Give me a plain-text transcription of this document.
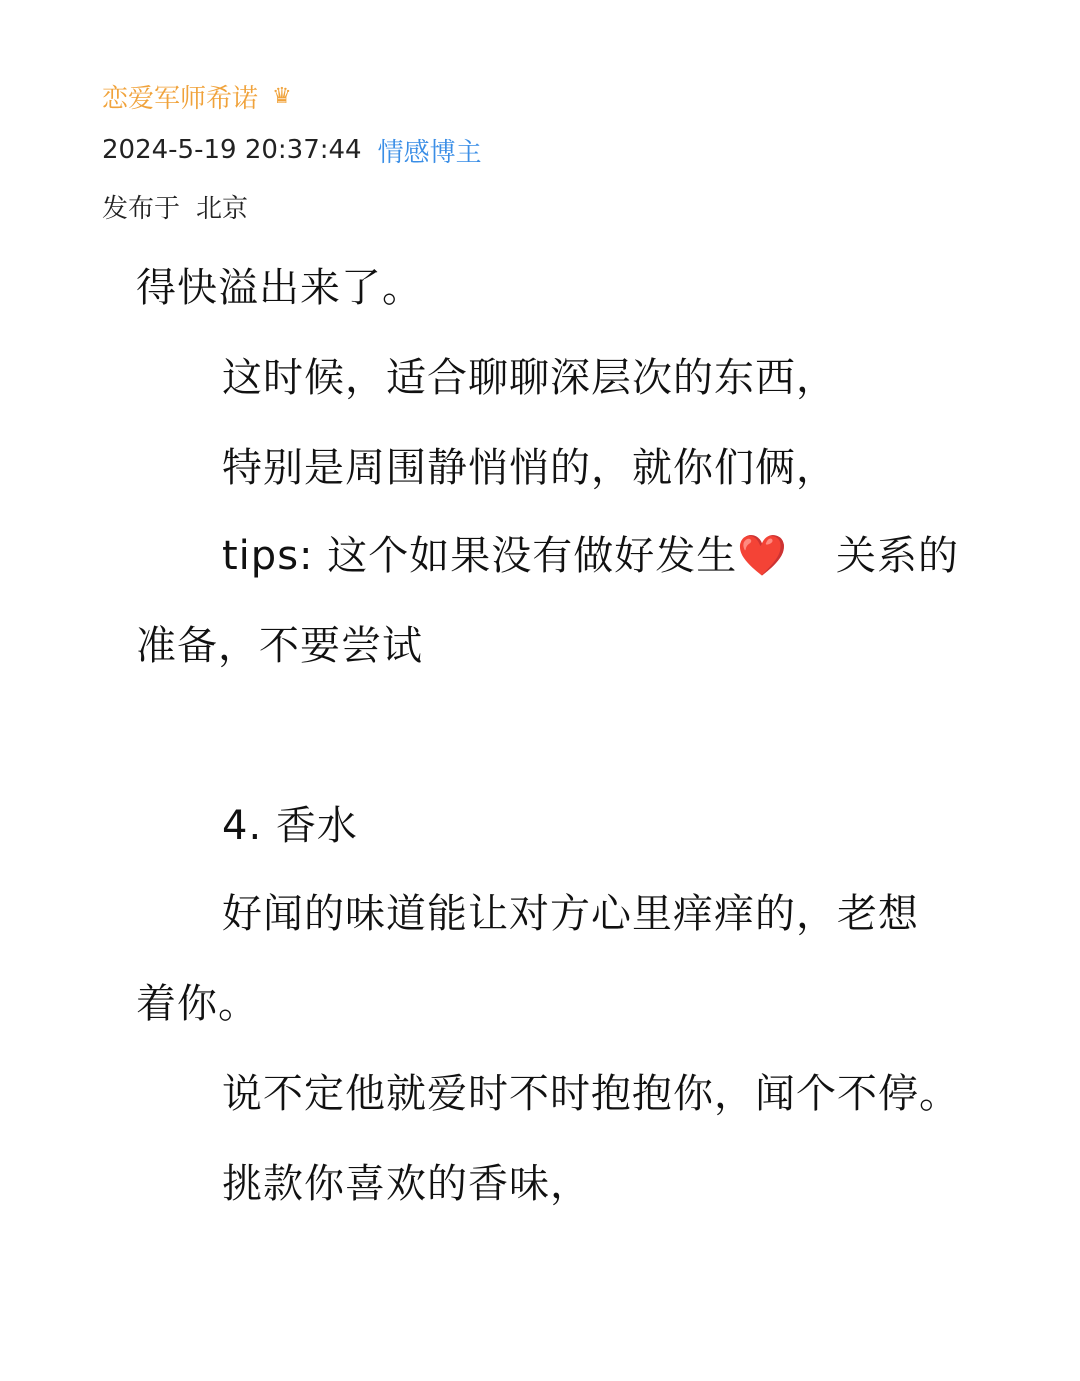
恋爱军师希诺 ♛
2024-5-19 20:37:44 情感博主
发布于 北京
得快溢出来了。
这时候，适合聊聊深层次的东西，
特别是周围静悄悄的，就你们俩，
tips: 这个如果没有做好发生❤️ 关系的
准备，不要尝试
4. 香水
好闻的味道能让对方心里痒痒的，老想
着你。
说不定他就爱时不时抱抱你，闻个不停。
挑款你喜欢的香味，
